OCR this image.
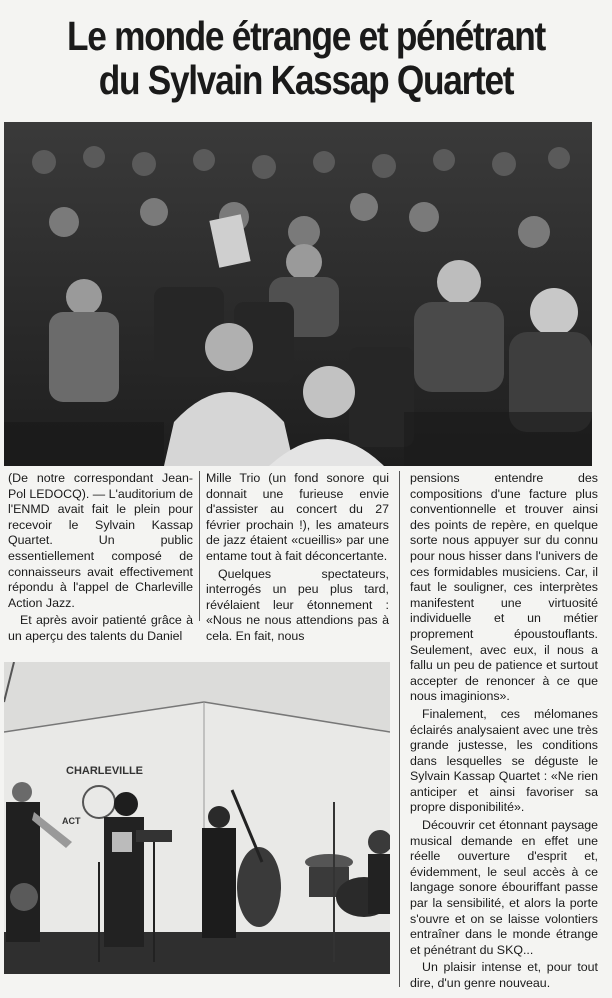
Le monde étrange et pénétrant
du Sylvain Kassap Quartet

(De notre correspondant Jean-Pol LEDOCQ). — L'auditorium de l'ENMD avait fait le plein pour recevoir le Sylvain Kassap Quartet. Un public essentiellement composé de connaisseurs avait effectivement répondu à l'appel de Charleville Action Jazz.

Et après avoir patienté grâce à un aperçu des talents du Daniel

Mille Trio (un fond sonore qui donnait une furieuse envie d'assister au concert du 27 février prochain !), les amateurs de jazz étaient «cueillis» par une entame tout à fait déconcertante.

Quelques spectateurs, interrogés un peu plus tard, révélaient leur étonnement : «Nous ne nous attendions pas à cela. En fait, nous

pensions entendre des compositions d'une facture plus conventionnelle et trouver ainsi des points de repère, en quelque sorte nous appuyer sur du connu pour nous hisser dans l'univers de ces formidables musiciens. Car, il faut le souligner, ces interprètes manifestent une virtuosité individuelle et un métier proprement époustouflants. Seulement, avec eux, il nous a fallu un peu de patience et surtout accepter de renoncer à ce que nous imaginions».

Finalement, ces mélomanes éclairés analysaient avec une très grande justesse, les conditions dans lesquelles se déguste le Sylvain Kassap Quartet : «Ne rien anticiper et ainsi favoriser sa propre disponibilité».

Découvrir cet étonnant paysage musical demande en effet une réelle ouverture d'esprit et, évidemment, le seul accès à ce langage sonore ébouriffant passe par la sensibilité, et alors la porte s'ouvre et on se laisse volontiers entraîner dans le monde étrange et pénétrant du SKQ...

Un plaisir intense et, pour tout dire, d'un genre nouveau.

CHARLEVILLE
ACT
